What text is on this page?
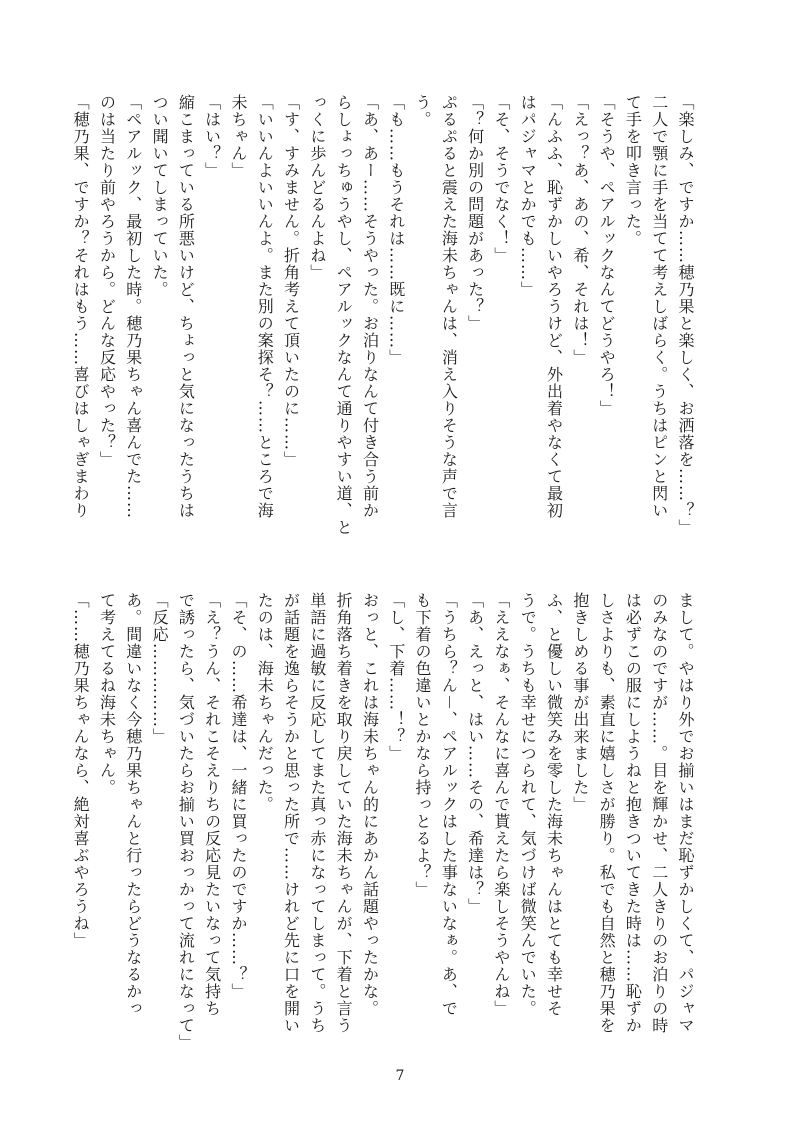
「楽しみ、ですか……穂乃果と楽しく、お洒落を……？」
二人で顎に手を当てて考えしばらく。うちはピンと閃い
て手を叩き言った。
「そうや、ペアルックなんてどうやろ！」
「えっ？あ、あの、希、それは！」
「んふふ、恥ずかしいやろうけど、外出着やなくて最初
はパジャマとかでも……」
「そ、そうでなく！」
「？何か別の問題があった？」
ぷるぷると震えた海未ちゃんは、消え入りそうな声で言
う。
「も……もうそれは……既に……」
「あ、あー……そうやった。お泊りなんて付き合う前か
らしょっちゅうやし、ペアルックなんて通りやすい道、と
っくに歩んどるんよね」
「す、すみません。折角考えて頂いたのに……」
「いいんよいいんよ。また別の案探そ？……ところで海
未ちゃん」
「はい？」
縮こまっている所悪いけど、ちょっと気になったうちは
つい聞いてしまっていた。
「ペアルック、最初した時。穂乃果ちゃん喜んでた……
のは当たり前やろうから。どんな反応やった？」
「穂乃果、ですか？それはもう……喜びはしゃぎまわり
まして。やはり外でお揃いはまだ恥ずかしくて、パジャマ
のみなのですが……。目を輝かせ、二人きりのお泊りの時
は必ずこの服にしようねと抱きついてきた時は……恥ずか
しさよりも、素直に嬉しさが勝り。私でも自然と穂乃果を
抱きしめる事が出来ました」
ふ、と優しい微笑みを零した海未ちゃんはとても幸せそ
うで。うちも幸せにつられて、気づけば微笑んでいた。
「ええなぁ、そんなに喜んで貰えたら楽しそうやんね」
「あ、えっと、はい……その、希達は？」
「うちら？ん－、ペアルックはした事ないなぁ。あ、で
も下着の色違いとかなら持っとるよ？」
「し、下着……！？」
おっと、これは海未ちゃん的にあかん話題やったかな。
折角落ち着きを取り戻していた海未ちゃんが、下着と言う
単語に過敏に反応してまた真っ赤になってしまって。うち
が話題を逸らそうかと思った所で……けれど先に口を開い
たのは、海未ちゃんだった。
「そ、の……希達は、一緒に買ったのですか……？」
「え？うん、それこそえりちの反応見たいなって気持ち
で誘ったら、気づいたらお揃い買おっかって流れになって」
「反応……………」
あ。間違いなく今穂乃果ちゃんと行ったらどうなるかっ
て考えてるね海未ちゃん。
「……穂乃果ちゃんなら、絶対喜ぶやろうね」
7
